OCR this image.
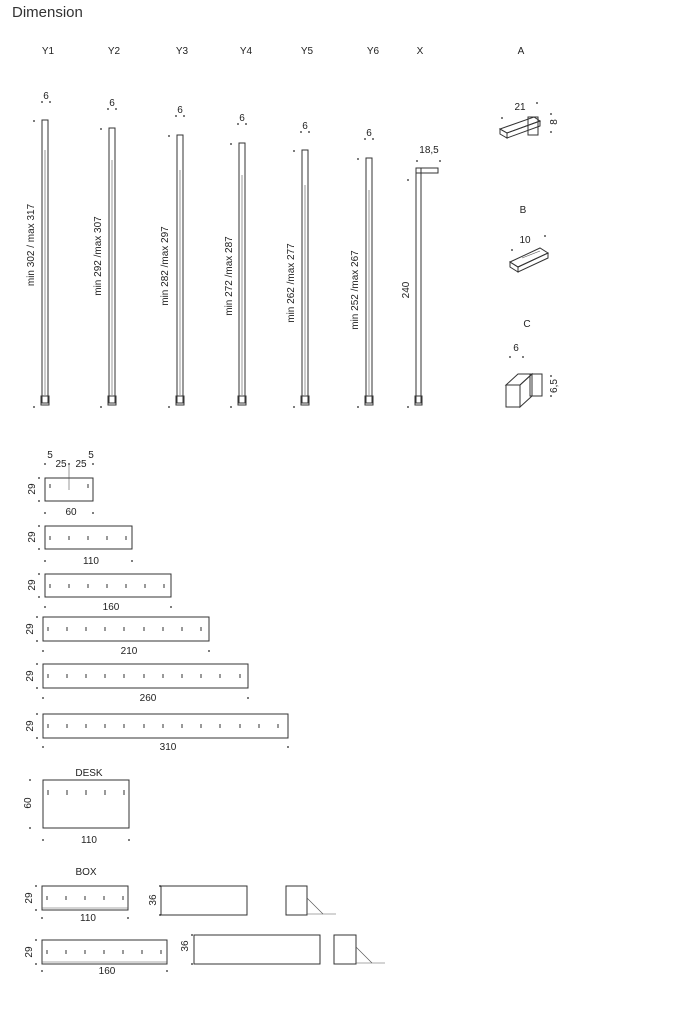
Dimension
Y1	Y2	Y3	Y4	Y5	Y6	X	A
B
C
6
min 302 / max 317
6
min 292 /max 307
6
min 282 /max 297
6
min 272 /max 287
6
min 262 /max 277
6
min 252 /max 267
18,5
240
21
8
10
6
6,5
5
25 25
5
29
60
29
110
29
160
29
210
29
260
29
310
DESK
60
110
BOX
29
110
36
29
160
36
